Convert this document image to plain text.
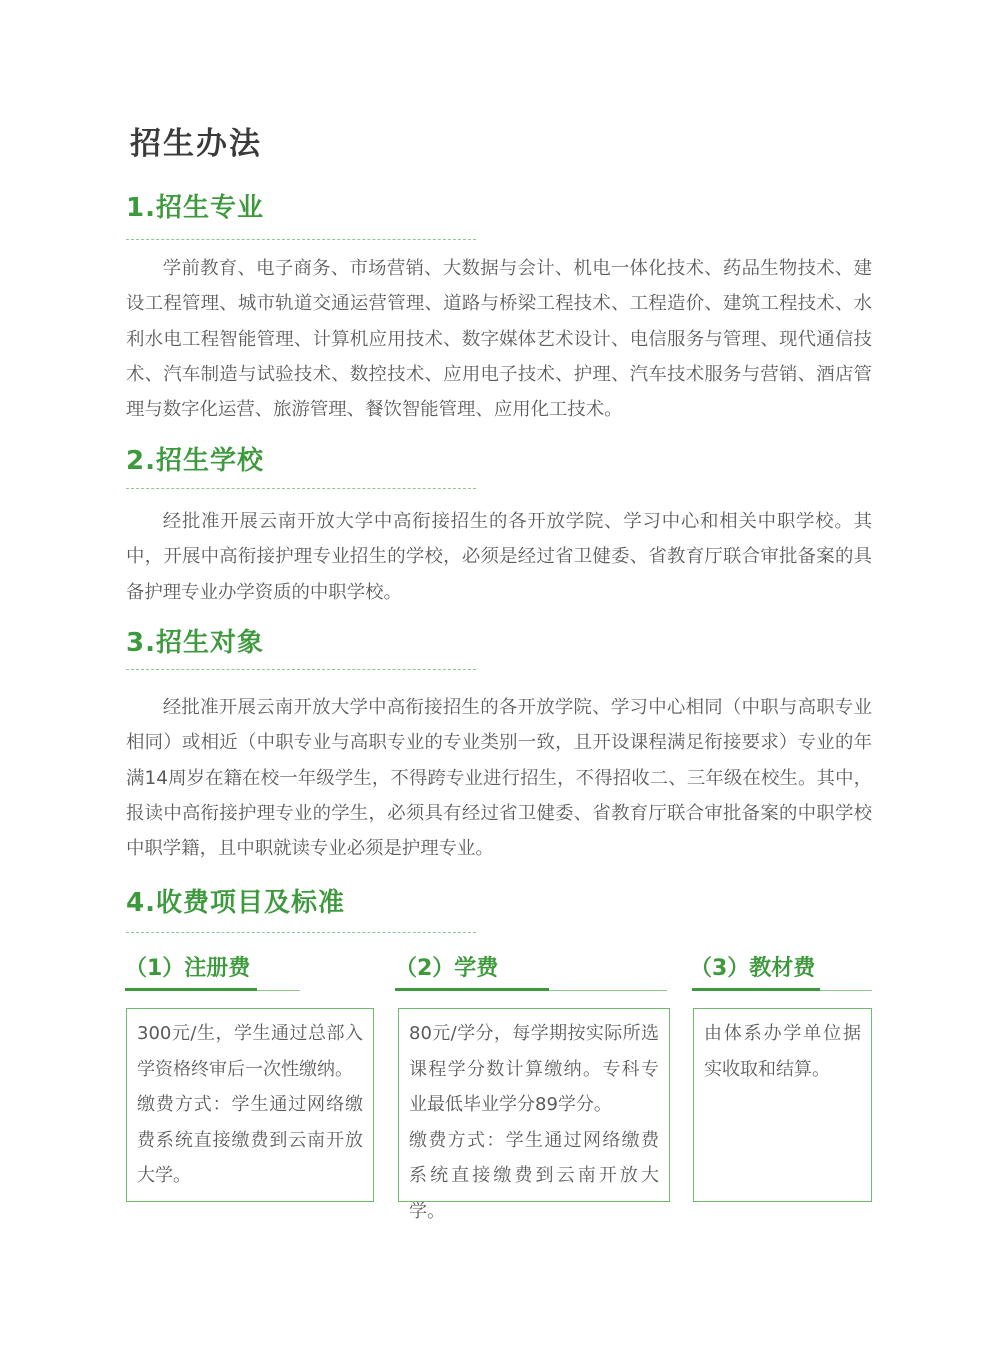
招生办法
1.招生专业

学前教育、电子商务、市场营销、大数据与会计、机电一体化技术、药品生物技术、建设工程管理、城市轨道交通运营管理、道路与桥梁工程技术、工程造价、建筑工程技术、水利水电工程智能管理、计算机应用技术、数字媒体艺术设计、电信服务与管理、现代通信技术、汽车制造与试验技术、数控技术、应用电子技术、护理、汽车技术服务与营销、酒店管理与数字化运营、旅游管理、餐饮智能管理、应用化工技术。

2.招生学校

经批准开展云南开放大学中高衔接招生的各开放学院、学习中心和相关中职学校。其中，开展中高衔接护理专业招生的学校，必须是经过省卫健委、省教育厅联合审批备案的具备护理专业办学资质的中职学校。

3.招生对象

经批准开展云南开放大学中高衔接招生的各开放学院、学习中心相同（中职与高职专业相同）或相近（中职专业与高职专业的专业类别一致，且开设课程满足衔接要求）专业的年满14周岁在籍在校一年级学生，不得跨专业进行招生，不得招收二、三年级在校生。其中，报读中高衔接护理专业的学生，必须具有经过省卫健委、省教育厅联合审批备案的中职学校中职学籍，且中职就读专业必须是护理专业。

4.收费项目及标准
（1）注册费

300元/生，学生通过总部入学资格终审后一次性缴纳。

缴费方式：学生通过网络缴费系统直接缴费到云南开放大学。

（2）学费

80元/学分，每学期按实际所选课程学分数计算缴纳。专科专业最低毕业学分89学分。

缴费方式：学生通过网络缴费系统直接缴费到云南开放大学。

（3）教材费

由体系办学单位据实收取和结算。
